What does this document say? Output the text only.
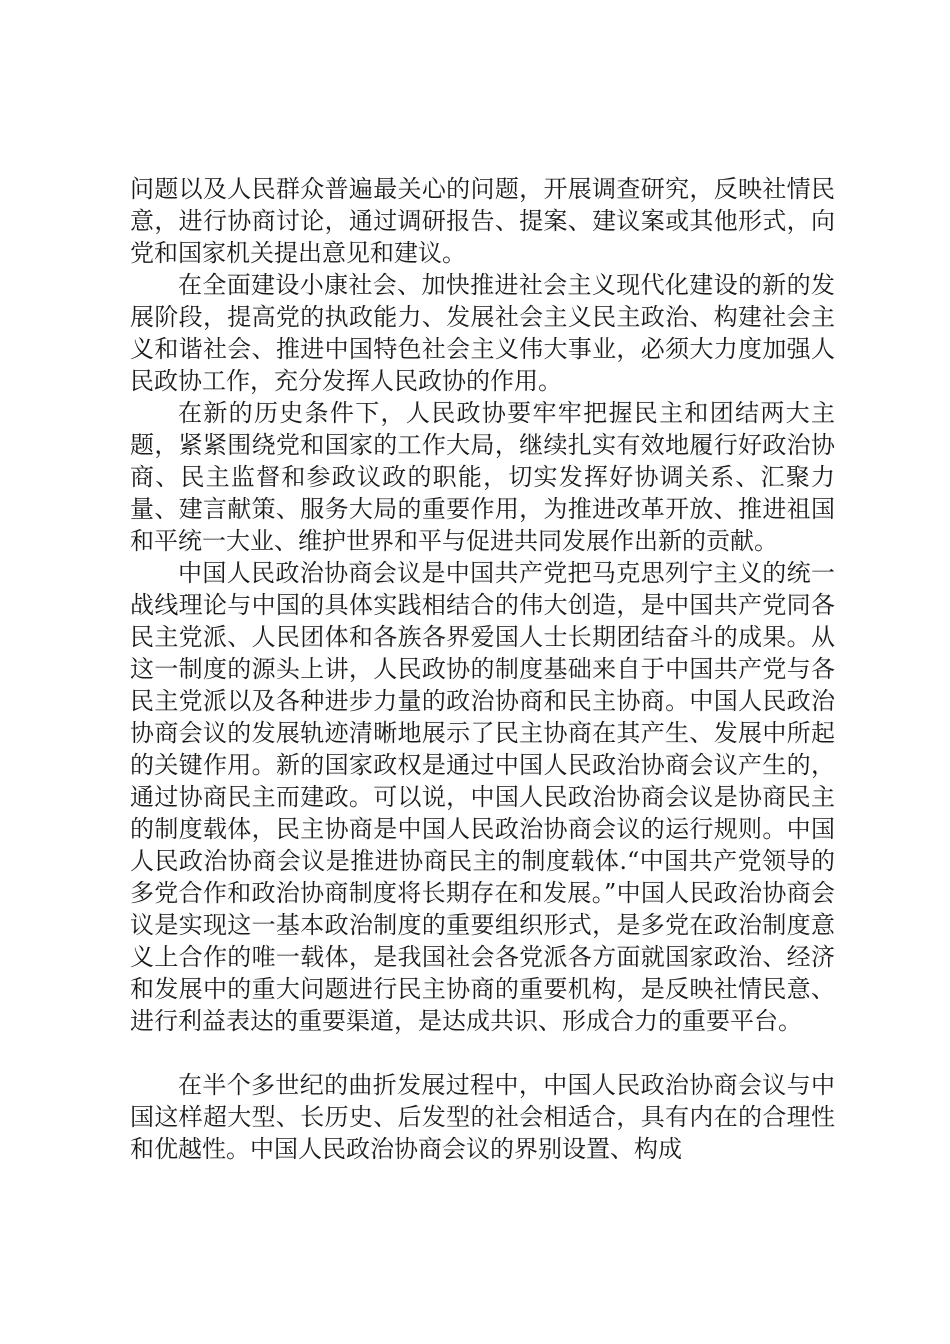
问题以及人民群众普遍最关心的问题，开展调查研究，反映社情民意，进行协商讨论，通过调研报告、提案、建议案或其他形式，向党和国家机关提出意见和建议。

在全面建设小康社会、加快推进社会主义现代化建设的新的发展阶段，提高党的执政能力、发展社会主义民主政治、构建社会主义和谐社会、推进中国特色社会主义伟大事业，必须大力度加强人民政协工作，充分发挥人民政协的作用。

在新的历史条件下，人民政协要牢牢把握民主和团结两大主题，紧紧围绕党和国家的工作大局，继续扎实有效地履行好政治协商、民主监督和参政议政的职能，切实发挥好协调关系、汇聚力量、建言献策、服务大局的重要作用，为推进改革开放、推进祖国和平统一大业、维护世界和平与促进共同发展作出新的贡献。

中国人民政治协商会议是中国共产党把马克思列宁主义的统一战线理论与中国的具体实践相结合的伟大创造，是中国共产党同各民主党派、人民团体和各族各界爱国人士长期团结奋斗的成果。从这一制度的源头上讲，人民政协的制度基础来自于中国共产党与各民主党派以及各种进步力量的政治协商和民主协商。中国人民政治协商会议的发展轨迹清晰地展示了民主协商在其产生、发展中所起的关键作用。新的国家政权是通过中国人民政治协商会议产生的，通过协商民主而建政。可以说，中国人民政治协商会议是协商民主的制度载体，民主协商是中国人民政治协商会议的运行规则。中国人民政治协商会议是推进协商民主的制度载体.“中国共产党领导的多党合作和政治协商制度将长期存在和发展。”中国人民政治协商会议是实现这一基本政治制度的重要组织形式，是多党在政治制度意义上合作的唯一载体，是我国社会各党派各方面就国家政治、经济和发展中的重大问题进行民主协商的重要机构，是反映社情民意、进行利益表达的重要渠道，是达成共识、形成合力的重要平台。

在半个多世纪的曲折发展过程中，中国人民政治协商会议与中国这样超大型、长历史、后发型的社会相适合，具有内在的合理性和优越性。中国人民政治协商会议的界别设置、构成
